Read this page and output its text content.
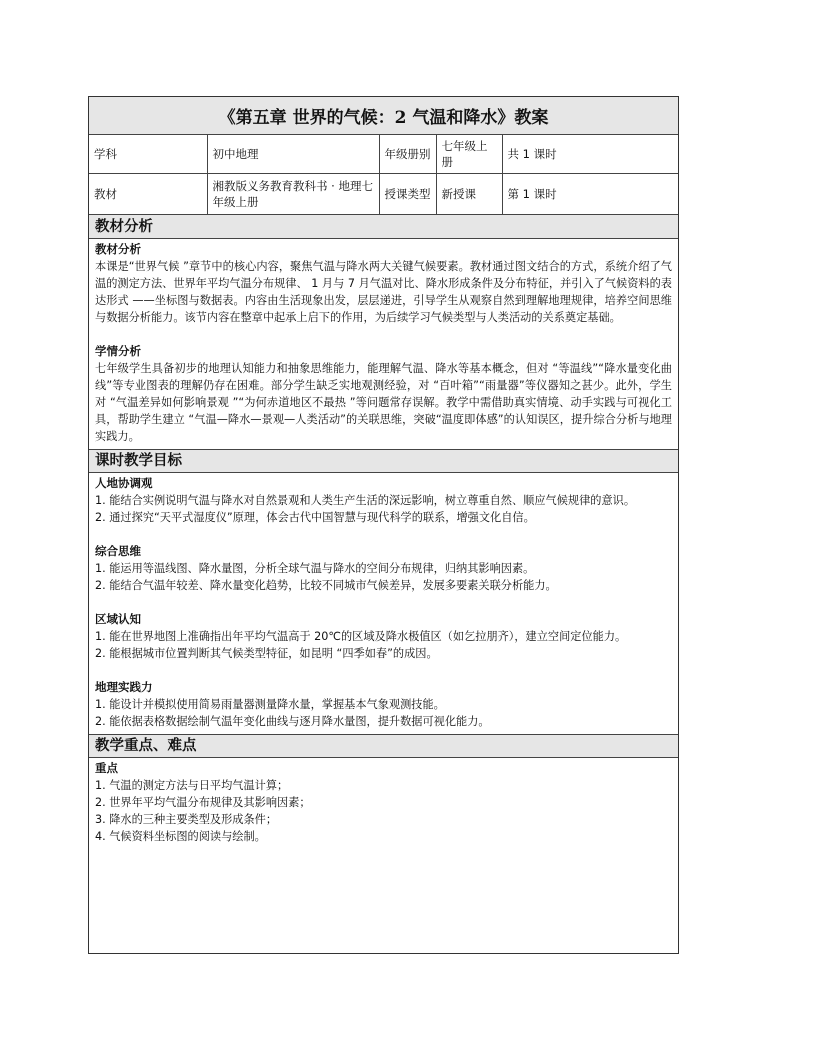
《第五章 世界的气候：2 气温和降水》教案
学科	初中地理	年级册别	七年级上册	共 1 课时
教材	湘教版义务教育教科书 · 地理七年级上册	授课类型	新授课	第 1 课时
教材分析
教材分析
本课是“世界气候 ”章节中的核心内容，聚焦气温与降水两大关键气候要素。教材通过图文结合的方式，系统介绍了气温的测定方法、世界年平均气温分布规律、 1 月与 7 月气温对比、降水形成条件及分布特征，并引入了气候资料的表达形式 ——坐标图与数据表。内容由生活现象出发，层层递进，引导学生从观察自然到理解地理规律，培养空间思维与数据分析能力。该节内容在整章中起承上启下的作用，为后续学习气候类型与人类活动的关系奠定基础。
学情分析
七年级学生具备初步的地理认知能力和抽象思维能力，能理解气温、降水等基本概念，但对 “等温线”“降水量变化曲线”等专业图表的理解仍存在困难。部分学生缺乏实地观测经验，对 “百叶箱”“雨量器”等仪器知之甚少。此外，学生对 “气温差异如何影响景观 ”“为何赤道地区不最热 ”等问题常存误解。教学中需借助真实情境、动手实践与可视化工具，帮助学生建立 “气温—降水—景观—人类活动”的关联思维，突破“温度即体感”的认知误区，提升综合分析与地理实践力。
课时教学目标
人地协调观
1. 能结合实例说明气温与降水对自然景观和人类生产生活的深远影响，树立尊重自然、顺应气候规律的意识。
2. 通过探究“天平式湿度仪”原理，体会古代中国智慧与现代科学的联系，增强文化自信。
综合思维
1. 能运用等温线图、降水量图，分析全球气温与降水的空间分布规律，归纳其影响因素。
2. 能结合气温年较差、降水量变化趋势，比较不同城市气候差异，发展多要素关联分析能力。
区域认知
1. 能在世界地图上准确指出年平均气温高于 20℃的区域及降水极值区（如乞拉朋齐），建立空间定位能力。
2. 能根据城市位置判断其气候类型特征，如昆明 “四季如春”的成因。
地理实践力
1. 能设计并模拟使用简易雨量器测量降水量，掌握基本气象观测技能。
2. 能依据表格数据绘制气温年变化曲线与逐月降水量图，提升数据可视化能力。
教学重点、难点
重点
1. 气温的测定方法与日平均气温计算；
2. 世界年平均气温分布规律及其影响因素；
3. 降水的三种主要类型及形成条件；
4. 气候资料坐标图的阅读与绘制。
